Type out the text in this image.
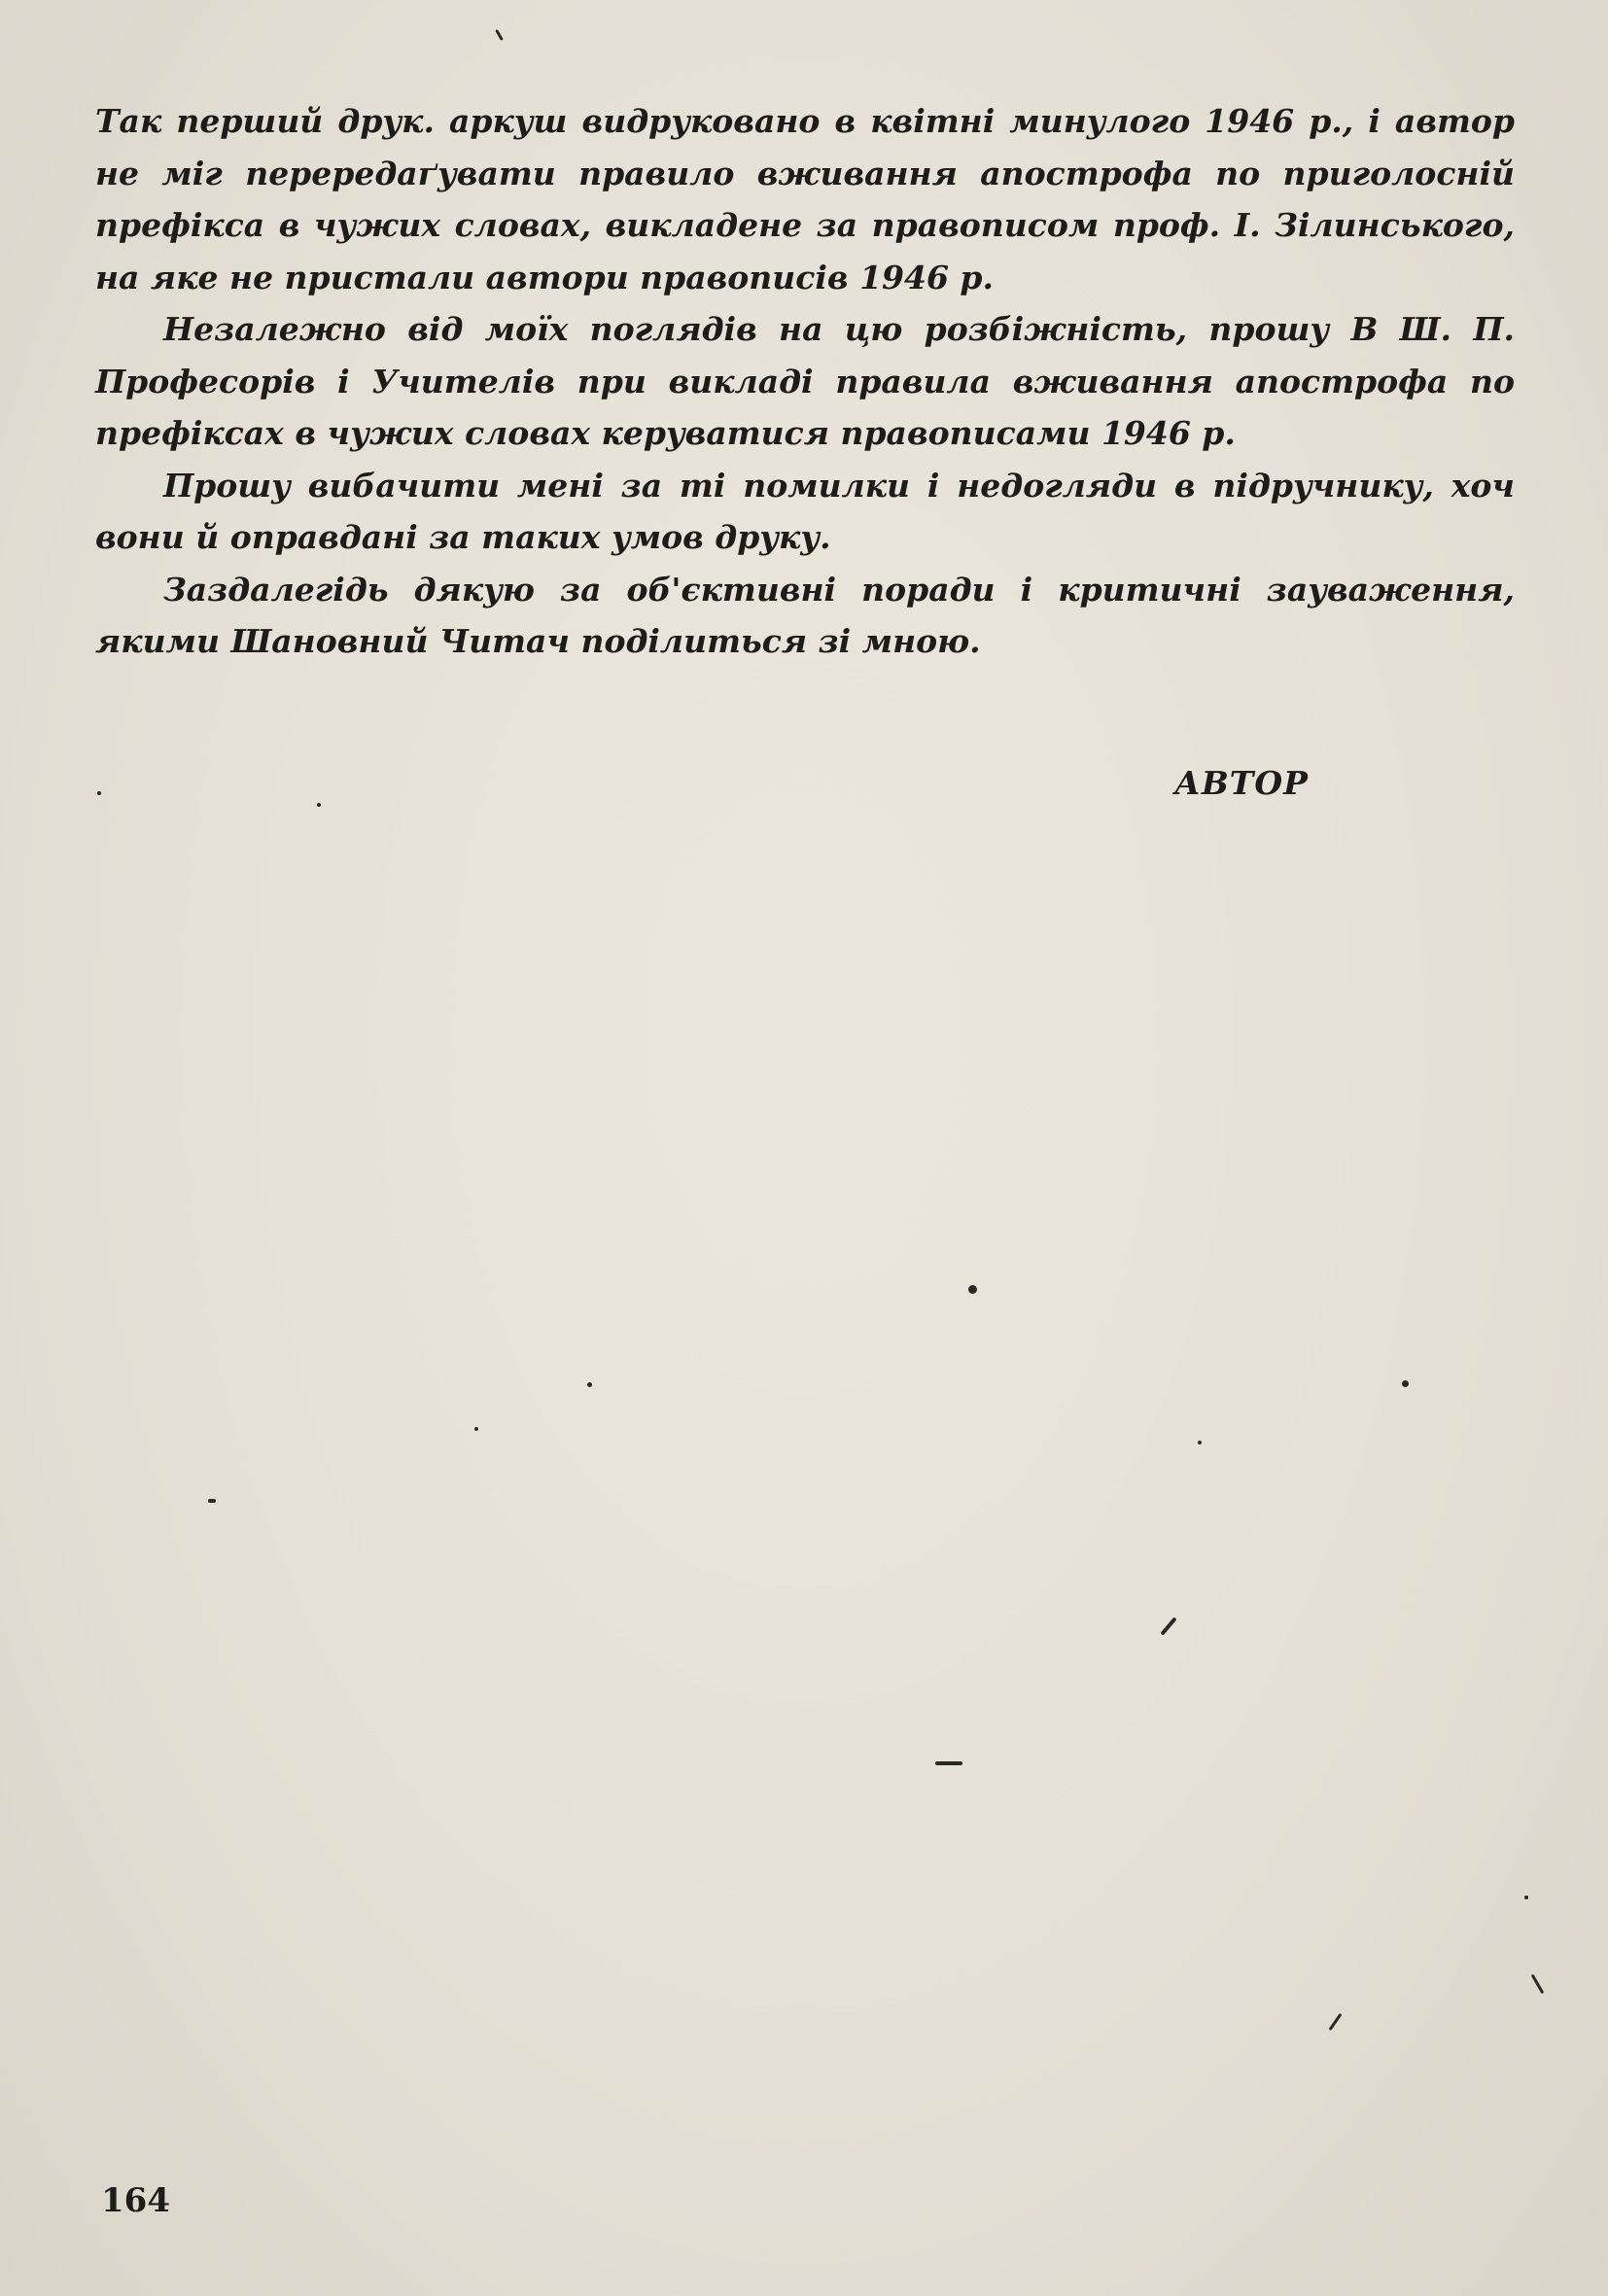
Так перший друк. аркуш видруковано в квітні минулого 1946 р., і автор не міг перередаґувати правило вживання апострофа по приголосній префікса в чужих словах, викладене за правописом проф. І. Зілинського, на яке не пристали автори правописів 1946 р.

Незалежно від моїх поглядів на цю розбіжність, прошу В Ш. П. Професорів і Учителів при викладі правила вживання апострофа по префіксах в чужих словах керуватися правописами 1946 р.

Прошу вибачити мені за ті помилки і недогляди в підручнику, хоч вони й оправдані за таких умов друку.

Заздалегідь дякую за об'єктивні поради і критичні зауваження, якими Шановний Читач поділиться зі мною.

АВТОР
164
